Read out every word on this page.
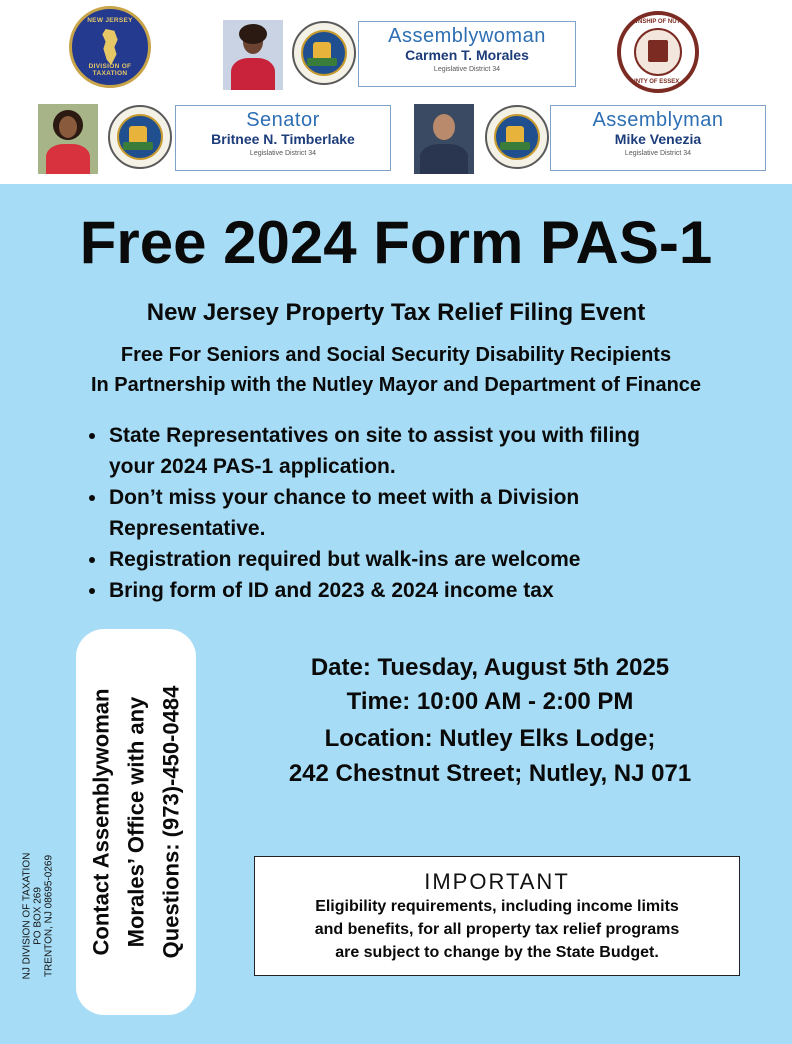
NEW JERSEY
DIVISION OF TAXATION
Assemblywoman
Carmen T. Morales
Legislative District 34
TOWNSHIP OF NUTLEY
COUNTY OF ESSEX, N.J.
Senator
Britnee N. Timberlake
Legislative District 34
Assemblyman
Mike Venezia
Legislative District 34
Free 2024 Form PAS-1
New Jersey Property Tax Relief Filing Event
Free For Seniors and Social Security Disability Recipients
In Partnership with the Nutley Mayor and Department of Finance
State Representatives on site to assist you with filing
your 2024 PAS-1 application.
Don’t miss your chance to meet with a Division
Representative.
Registration required but walk-ins are welcome
Bring form of ID and 2023 & 2024 income tax
Contact Assemblywoman Morales’ Office with any Questions: (973)-450-0484
Date: Tuesday, August 5th 2025
Time: 10:00 AM - 2:00 PM
Location: Nutley Elks Lodge;
242 Chestnut Street; Nutley, NJ 071
IMPORTANT
Eligibility requirements, including income limits
and benefits, for all property tax relief programs
are subject to change by the State Budget.
NJ DIVISION OF TAXATION PO BOX 269 TRENTON, NJ 08695-0269
